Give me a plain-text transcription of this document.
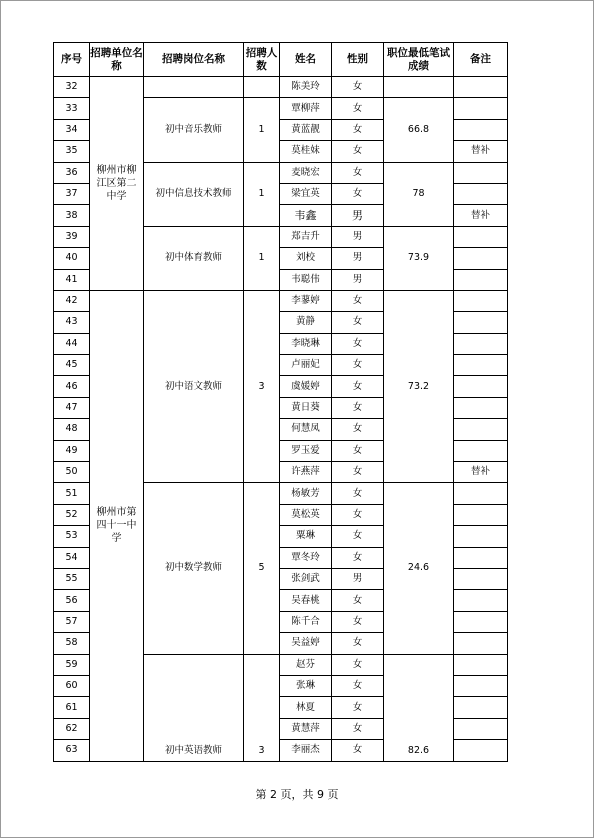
序号	招聘单位名称	招聘岗位名称	招聘人数	姓名	性别	职位最低笔试成绩	备注
32	柳州市柳江区第二中学			陈美玲	女		
33		初中音乐教师	1	覃柳萍	女	66.8	
34				黄蓝靓	女		
35				莫桂妹	女		替补
36		初中信息技术教师	1	麦晓宏	女	78	
37				梁宜英	女		
38				韦鑫	男		替补
39		初中体育教师	1	郑吉升	男	73.9	
40				刘校	男		
41				韦聪伟	男		
42	柳州市第四十一中学	初中语文教师	3	李蓼婷	女	73.2	
43				黄静	女		
44				李晓琳	女		
45				卢丽妃	女		
46				虞媛婷	女		
47				黄日葵	女		
48				何慧凤	女		
49				罗玉爱	女		
50				许燕萍	女		替补
51		初中数学教师	5	杨敏芳	女	24.6	
52				莫松英	女		
53				粟琳	女		
54				覃冬玲	女		
55				张剑武	男		
56				吴春桃	女		
57				陈千合	女		
58				吴益婷	女		
59		初中英语教师	3	赵芬	女	82.6	
60				张琳	女		
61				林夏	女		
62				黄慧萍	女		
63				李丽杰	女		
第 2 页，共 9 页
